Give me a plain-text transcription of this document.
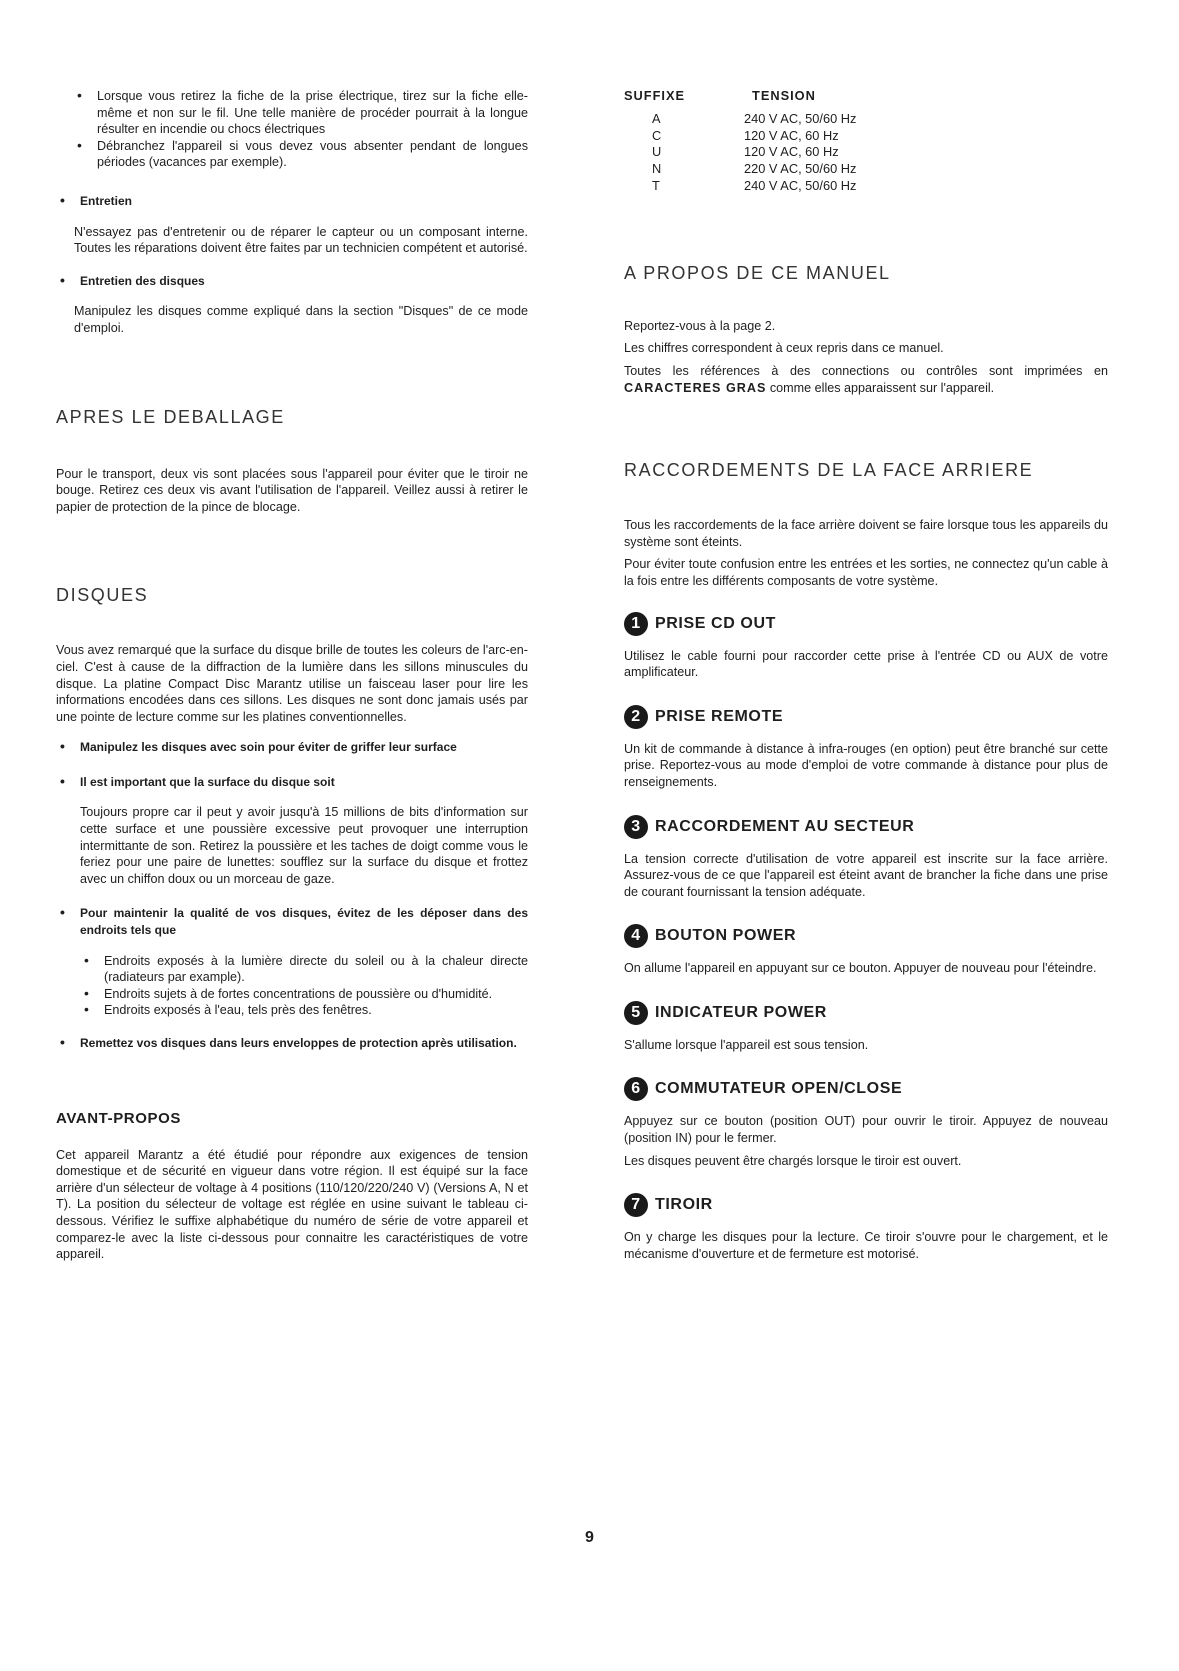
• Lorsque vous retirez la fiche de la prise électrique, tirez sur la fiche elle-même et non sur le fil. Une telle manière de procéder pourrait à la longue résulter en incendie ou chocs électriques
• Débranchez l'appareil si vous devez vous absenter pendant de longues périodes (vacances par exemple).
• Entretien

N'essayez pas d'entretenir ou de réparer le capteur ou un composant interne. Toutes les réparations doivent être faites par un technicien compétent et autorisé.

• Entretien des disques

Manipulez les disques comme expliqué dans la section "Disques" de ce mode d'emploi.

APRES LE DEBALLAGE

Pour le transport, deux vis sont placées sous l'appareil pour éviter que le tiroir ne bouge. Retirez ces deux vis avant l'utilisation de l'appareil. Veillez aussi à retirer le papier de protection de la pince de blocage.

DISQUES

Vous avez remarqué que la surface du disque brille de toutes les coleurs de l'arc-en-ciel. C'est à cause de la diffraction de la lumière dans les sillons minuscules du disque. La platine Compact Disc Marantz utilise un faisceau laser pour lire les informations encodées dans ces sillons. Les disques ne sont donc jamais usés par une pointe de lecture comme sur les platines conventionnelles.

• Manipulez les disques avec soin pour éviter de griffer leur surface
• Il est important que la surface du disque soit

Toujours propre car il peut y avoir jusqu'à 15 millions de bits d'information sur cette surface et une poussière excessive peut provoquer une interruption intermittante de son. Retirez la poussière et les taches de doigt comme vous le feriez pour une paire de lunettes: soufflez sur la surface du disque et frottez avec un chiffon doux ou un morceau de gaze.

• Pour maintenir la qualité de vos disques, évitez de les déposer dans des endroits tels que
• Endroits exposés à la lumière directe du soleil ou à la chaleur directe (radiateurs par example).
• Endroits sujets à de fortes concentrations de poussière ou d'humidité.
• Endroits exposés à l'eau, tels près des fenêtres.
• Remettez vos disques dans leurs enveloppes de protection après utilisation.
AVANT-PROPOS

Cet appareil Marantz a été étudié pour répondre aux exigences de tension domestique et de sécurité en vigueur dans votre région. Il est équipé sur la face arrière d'un sélecteur de voltage à 4 positions (110/120/220/240 V) (Versions A, N et T). La position du sélecteur de voltage est réglée en usine suivant le tableau ci-dessous. Vérifiez le suffixe alphabétique du numéro de série de votre appareil et comparez-le avec la liste ci-dessous pour connaitre les caractéristiques de votre appareil.

SUFFIXE	TENSION
A	240 V AC, 50/60 Hz
C	120 V AC, 60 Hz
U	120 V AC, 60 Hz
N	220 V AC, 50/60 Hz
T	240 V AC, 50/60 Hz
A PROPOS DE CE MANUEL

Reportez-vous à la page 2.

Les chiffres correspondent à ceux repris dans ce manuel.

Toutes les références à des connections ou contrôles sont imprimées en CARACTERES GRAS comme elles apparaissent sur l'appareil.

RACCORDEMENTS DE LA FACE ARRIERE

Tous les raccordements de la face arrière doivent se faire lorsque tous les appareils du système sont éteints.

Pour éviter toute confusion entre les entrées et les sorties, ne connectez qu'un cable à la fois entre les différents composants de votre système.

1 PRISE CD OUT

Utilisez le cable fourni pour raccorder cette prise à l'entrée CD ou AUX de votre amplificateur.

2 PRISE REMOTE

Un kit de commande à distance à infra-rouges (en option) peut être branché sur cette prise. Reportez-vous au mode d'emploi de votre commande à distance pour plus de renseignements.

3 RACCORDEMENT AU SECTEUR

La tension correcte d'utilisation de votre appareil est inscrite sur la face arrière. Assurez-vous de ce que l'appareil est éteint avant de brancher la fiche dans une prise de courant fournissant la tension adéquate.

4 BOUTON POWER

On allume l'appareil en appuyant sur ce bouton. Appuyer de nouveau pour l'éteindre.

5 INDICATEUR POWER

S'allume lorsque l'appareil est sous tension.

6 COMMUTATEUR OPEN/CLOSE

Appuyez sur ce bouton (position OUT) pour ouvrir le tiroir. Appuyez de nouveau (position IN) pour le fermer.

Les disques peuvent être chargés lorsque le tiroir est ouvert.

7 TIROIR

On y charge les disques pour la lecture. Ce tiroir s'ouvre pour le chargement, et le mécanisme d'ouverture et de fermeture est motorisé.

9
